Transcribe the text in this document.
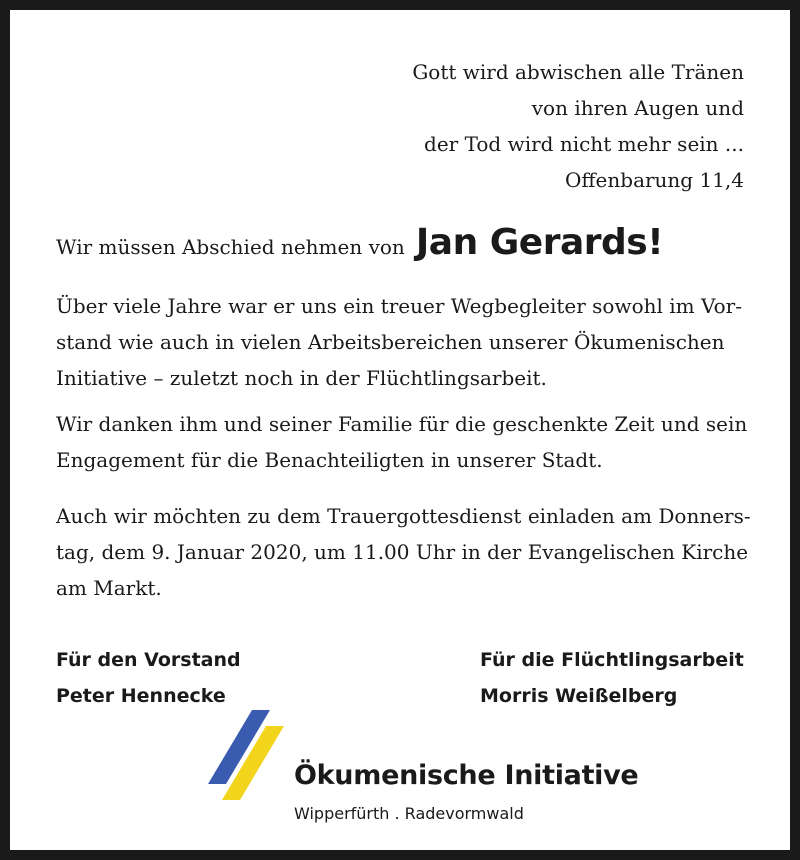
Gott wird abwischen alle Tränen
von ihren Augen und
der Tod wird nicht mehr sein ...
Offenbarung 11,4
Wir müssen Abschied nehmen von Jan Gerards!
Über viele Jahre war er uns ein treuer Wegbegleiter sowohl im Vor-
stand wie auch in vielen Arbeitsbereichen unserer Ökumenischen
Initiative – zuletzt noch in der Flüchtlingsarbeit.
Wir danken ihm und seiner Familie für die geschenkte Zeit und sein
Engagement für die Benachteiligten in unserer Stadt.
Auch wir möchten zu dem Trauergottesdienst einladen am Donners-
tag, dem 9. Januar 2020, um 11.00 Uhr in der Evangelischen Kirche
am Markt.
Für den Vorstand
Peter Hennecke
Für die Flüchtlingsarbeit
Morris Weißelberg
Ökumenische Initiative
Wipperfürth . Radevormwald
